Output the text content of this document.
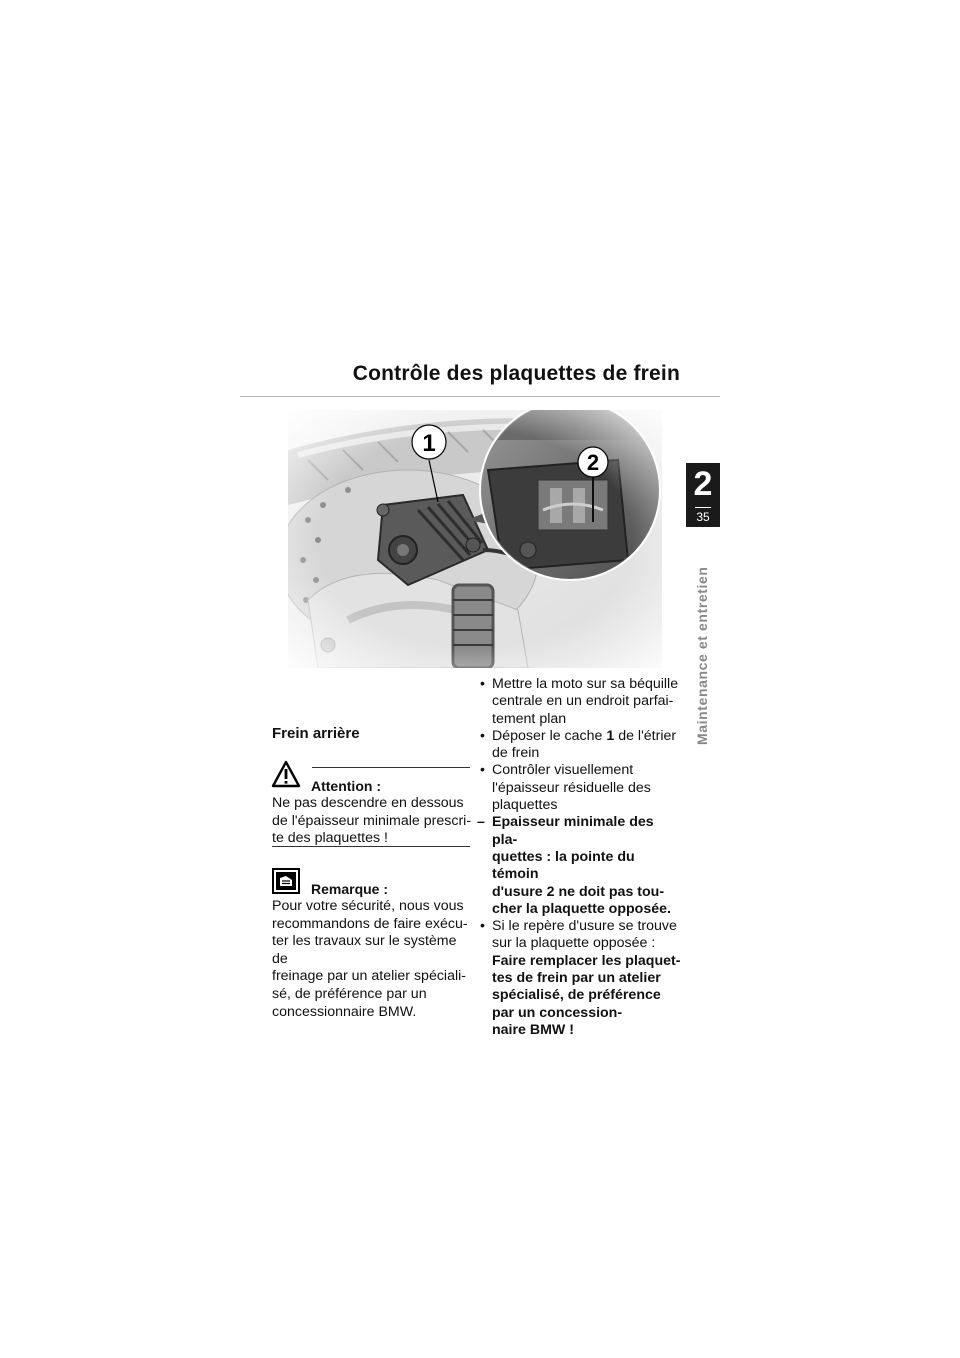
Contrôle des plaquettes de frein
1
2
2
35
Maintenance et entretien
Frein arrière
Attention :
Ne pas descendre en dessous
de l'épaisseur minimale prescri-
te des plaquettes !
Remarque :
Pour votre sécurité, nous vous
recommandons de faire exécu-
ter les travaux sur le système de
freinage par un atelier spéciali-
sé, de préférence par un
concessionnaire BMW.
• Mettre la moto sur sa béquille
centrale en un endroit parfai-
tement plan
• Déposer le cache 1 de l'étrier
de frein
• Contrôler visuellement
l'épaisseur résiduelle des
plaquettes
– Epaisseur minimale des pla-
quettes : la pointe du témoin
d'usure 2 ne doit pas tou-
cher la plaquette opposée.
• Si le repère d'usure se trouve
sur la plaquette opposée :
Faire remplacer les plaquet-
tes de frein par un atelier
spécialisé, de préférence
par un concession-
naire BMW !
